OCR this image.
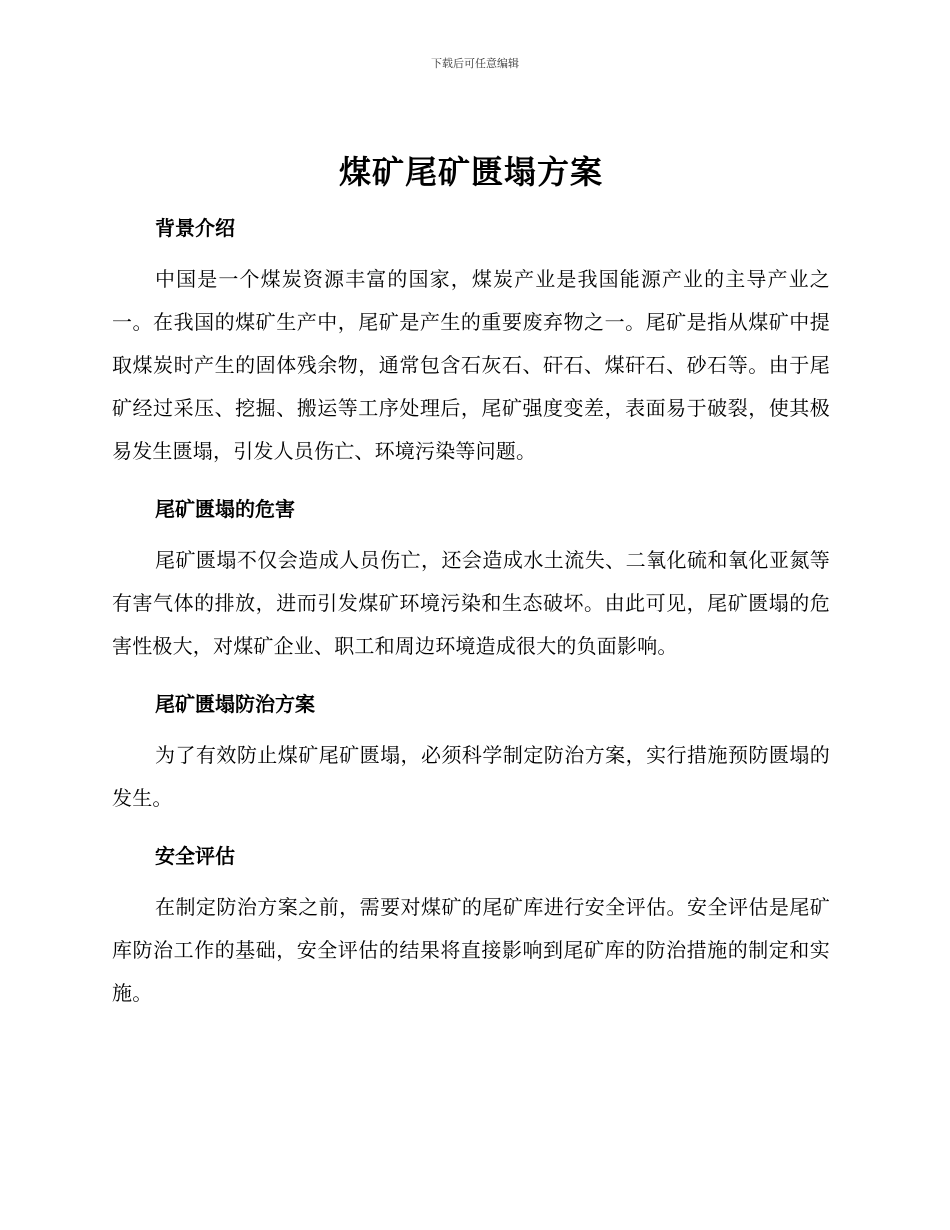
下载后可任意编辑
煤矿尾矿匮塌方案
背景介绍

中国是一个煤炭资源丰富的国家，煤炭产业是我国能源产业的主导产业之一。在我国的煤矿生产中，尾矿是产生的重要废弃物之一。尾矿是指从煤矿中提取煤炭时产生的固体残余物，通常包含石灰石、矸石、煤矸石、砂石等。由于尾矿经过采压、挖掘、搬运等工序处理后，尾矿强度变差，表面易于破裂，使其极易发生匮塌，引发人员伤亡、环境污染等问题。

尾矿匮塌的危害

尾矿匮塌不仅会造成人员伤亡，还会造成水土流失、二氧化硫和氧化亚氮等有害气体的排放，进而引发煤矿环境污染和生态破坏。由此可见，尾矿匮塌的危害性极大，对煤矿企业、职工和周边环境造成很大的负面影响。

尾矿匮塌防治方案

为了有效防止煤矿尾矿匮塌，必须科学制定防治方案，实行措施预防匮塌的发生。

安全评估

在制定防治方案之前，需要对煤矿的尾矿库进行安全评估。安全评估是尾矿库防治工作的基础，安全评估的结果将直接影响到尾矿库的防治措施的制定和实施。
